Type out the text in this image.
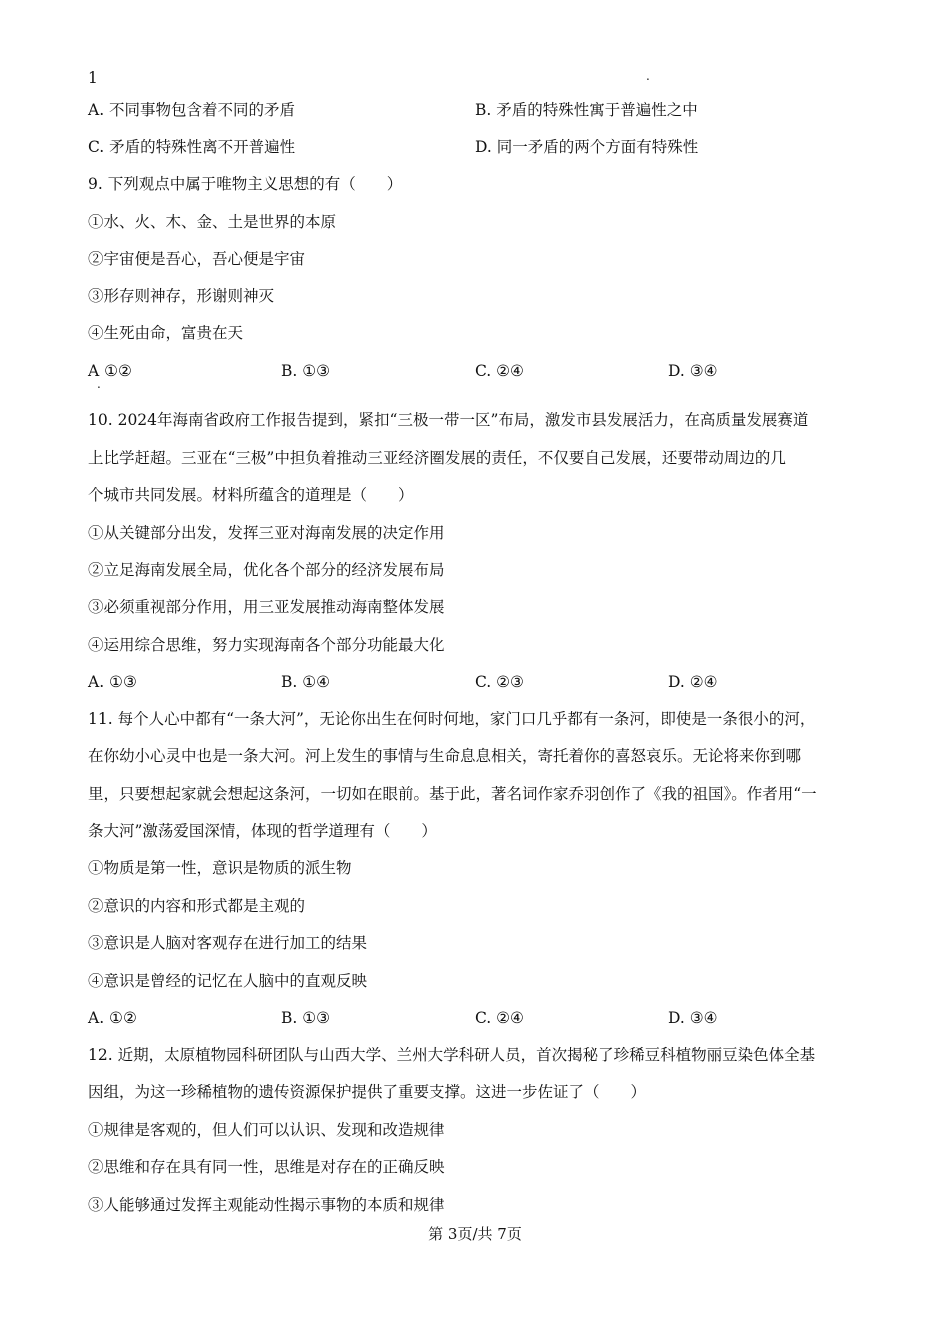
1	.
A. 不同事物包含着不同的矛盾	B. 矛盾的特殊性寓于普遍性之中
C. 矛盾的特殊性离不开普遍性	D. 同一矛盾的两个方面有特殊性
9. 下列观点中属于唯物主义思想的有（　　）
①水、火、木、金、土是世界的本原
②宇宙便是吾心，吾心便是宇宙
③形存则神存，形谢则神灭
④生死由命，富贵在天
A ①②	B. ①③	C. ②④	D. ③④
.
10. 2024年海南省政府工作报告提到，紧扣“三极一带一区”布局，激发市县发展活力，在高质量发展赛道
上比学赶超。三亚在“三极”中担负着推动三亚经济圈发展的责任，不仅要自己发展，还要带动周边的几
个城市共同发展。材料所蕴含的道理是（　　）
①从关键部分出发，发挥三亚对海南发展的决定作用
②立足海南发展全局，优化各个部分的经济发展布局
③必须重视部分作用，用三亚发展推动海南整体发展
④运用综合思维，努力实现海南各个部分功能最大化
A. ①③	B. ①④	C. ②③	D. ②④
11. 每个人心中都有“一条大河”，无论你出生在何时何地，家门口几乎都有一条河，即使是一条很小的河，
在你幼小心灵中也是一条大河。河上发生的事情与生命息息相关，寄托着你的喜怒哀乐。无论将来你到哪
里，只要想起家就会想起这条河，一切如在眼前。基于此，著名词作家乔羽创作了《我的祖国》。作者用“一
条大河”激荡爱国深情，体现的哲学道理有（　　）
①物质是第一性，意识是物质的派生物
②意识的内容和形式都是主观的
③意识是人脑对客观存在进行加工的结果
④意识是曾经的记忆在人脑中的直观反映
A. ①②	B. ①③	C. ②④	D. ③④
12. 近期，太原植物园科研团队与山西大学、兰州大学科研人员，首次揭秘了珍稀豆科植物丽豆染色体全基
因组，为这一珍稀植物的遗传资源保护提供了重要支撑。这进一步佐证了（　　）
①规律是客观的，但人们可以认识、发现和改造规律
②思维和存在具有同一性，思维是对存在的正确反映
③人能够通过发挥主观能动性揭示事物的本质和规律
第 3页/共 7页
